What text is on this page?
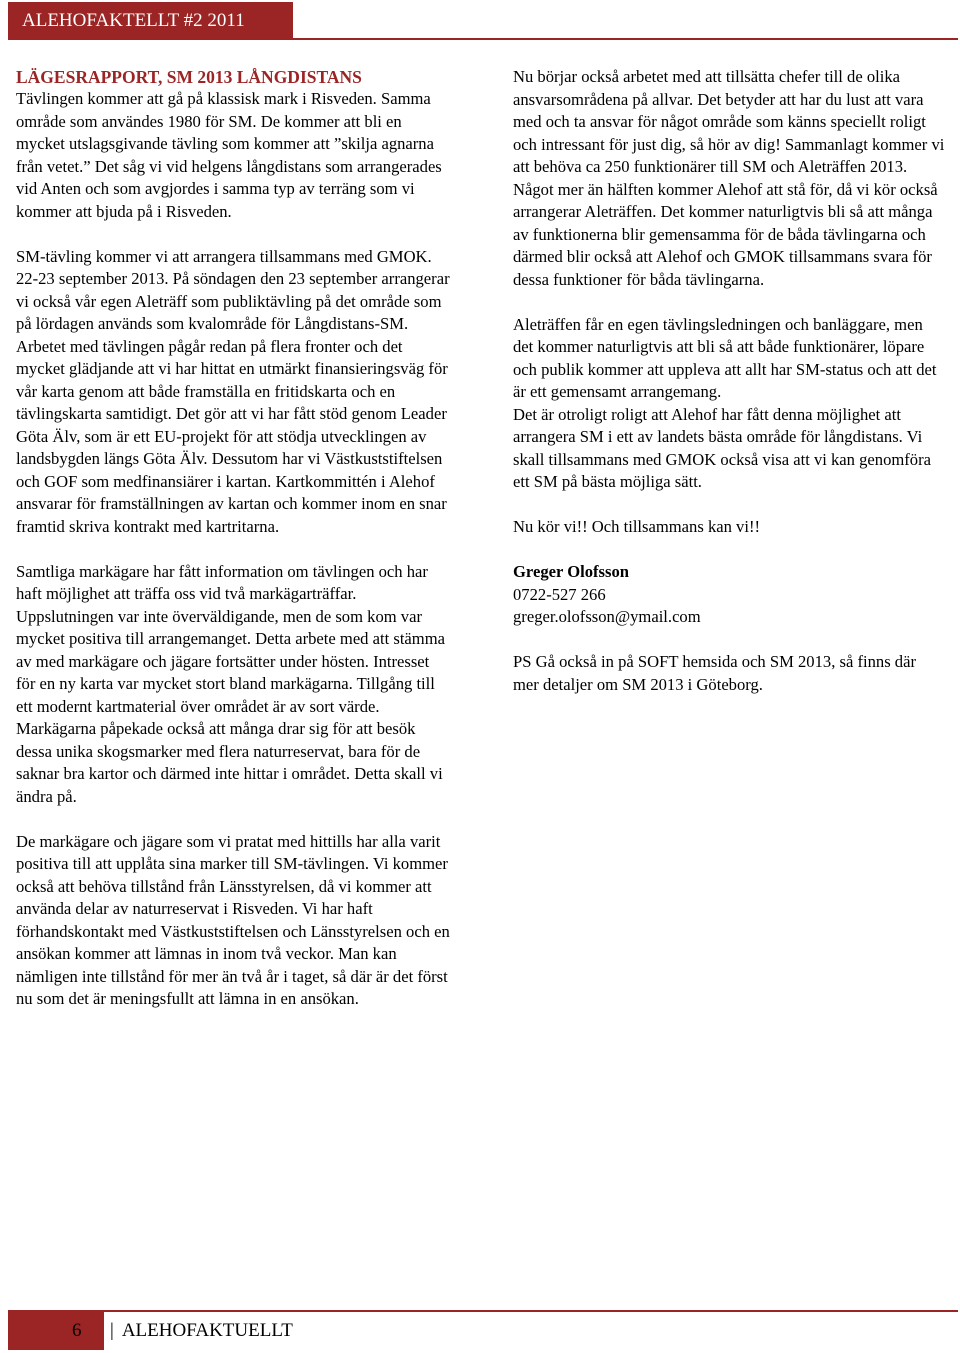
ALEHOFAKTELLT #2 2011

LÄGESRAPPORT, SM 2013 LÅNGDISTANS

Tävlingen kommer att gå på klassisk mark i Risveden. Samma område som användes 1980 för SM. De kommer att bli en mycket utslagsgivande tävling som kommer att ”skilja agnarna från vetet.” Det såg vi vid helgens långdistans som arrangerades vid Anten och som avgjordes i samma typ av terräng som vi kommer att bjuda på i Risveden.

SM-tävling kommer vi att arrangera tillsammans med GMOK. 22-23 september 2013. På söndagen den 23 september arrangerar vi också vår egen Aleträff som publiktävling på det område som på lördagen används som kvalområde för Långdistans-SM.

Arbetet med tävlingen pågår redan på flera fronter och det mycket glädjande att vi har hittat en utmärkt finansieringsväg för vår karta genom att både framställa en fritidskarta och en tävlingskarta samtidigt. Det gör att vi har fått stöd genom Leader Göta Älv, som är ett EU-projekt för att stödja utvecklingen av landsbygden längs Göta Älv. Dessutom har vi Västkuststiftelsen och GOF som medfinansiärer i kartan. Kartkommittén i Alehof ansvarar för framställningen av kartan och kommer inom en snar framtid skriva kontrakt med kartritarna.

Samtliga markägare har fått information om tävlingen och har haft möjlighet att träffa oss vid två markägarträffar. Uppslutningen var inte överväldigande, men de som kom var mycket positiva till arrangemanget. Detta arbete med att stämma av med markägare och jägare fortsätter under hösten. Intresset för en ny karta var mycket stort bland markägarna. Tillgång till ett modernt kartmaterial över området är av sort värde. Markägarna påpekade också att många drar sig för att besök dessa unika skogsmarker med flera naturreservat, bara för de saknar bra kartor och därmed inte hittar i området. Detta skall vi ändra på.

De markägare och jägare som vi pratat med hittills har alla varit positiva till att upplåta sina marker till SM-tävlingen. Vi kommer också att behöva tillstånd från Länsstyrelsen, då vi kommer att använda delar av naturreservat i Risveden. Vi har haft förhandskontakt med Västkuststiftelsen och Länsstyrelsen och en ansökan kommer att lämnas in inom två veckor. Man kan nämligen inte tillstånd för mer än två år i taget, så där är det först nu som det är meningsfullt att lämna in en ansökan.

Nu börjar också arbetet med att tillsätta chefer till de olika ansvarsområdena på allvar. Det betyder att har du lust att vara med och ta ansvar för något område som känns speciellt roligt och intressant för just dig, så hör av dig! Sammanlagt kommer vi att behöva ca 250 funktionärer till SM och Aleträffen 2013. Något mer än hälften kommer Alehof att stå för, då vi kör också arrangerar Aleträffen. Det kommer naturligtvis bli så att många av funktionerna blir gemensamma för de båda tävlingarna och därmed blir också att Alehof och GMOK tillsammans svara för dessa funktioner för båda tävlingarna.

Aleträffen får en egen tävlingsledningen och banläggare, men det kommer naturligtvis att bli så att både funktionärer, löpare och publik kommer att uppleva att allt har SM-status och att det är ett gemensamt arrangemang.

Det är otroligt roligt att Alehof har fått denna möjlighet att arrangera SM i ett av landets bästa område för långdistans. Vi skall tillsammans med GMOK också visa att vi kan genomföra ett SM på bästa möjliga sätt.

Nu kör vi!! Och tillsammans kan vi!!

Greger Olofsson

0722-527 266

greger.olofsson@ymail.com

PS Gå också in på SOFT hemsida och SM 2013, så finns där mer detaljer om SM 2013 i Göteborg.

6 | ALEHOFAKTUELLT
